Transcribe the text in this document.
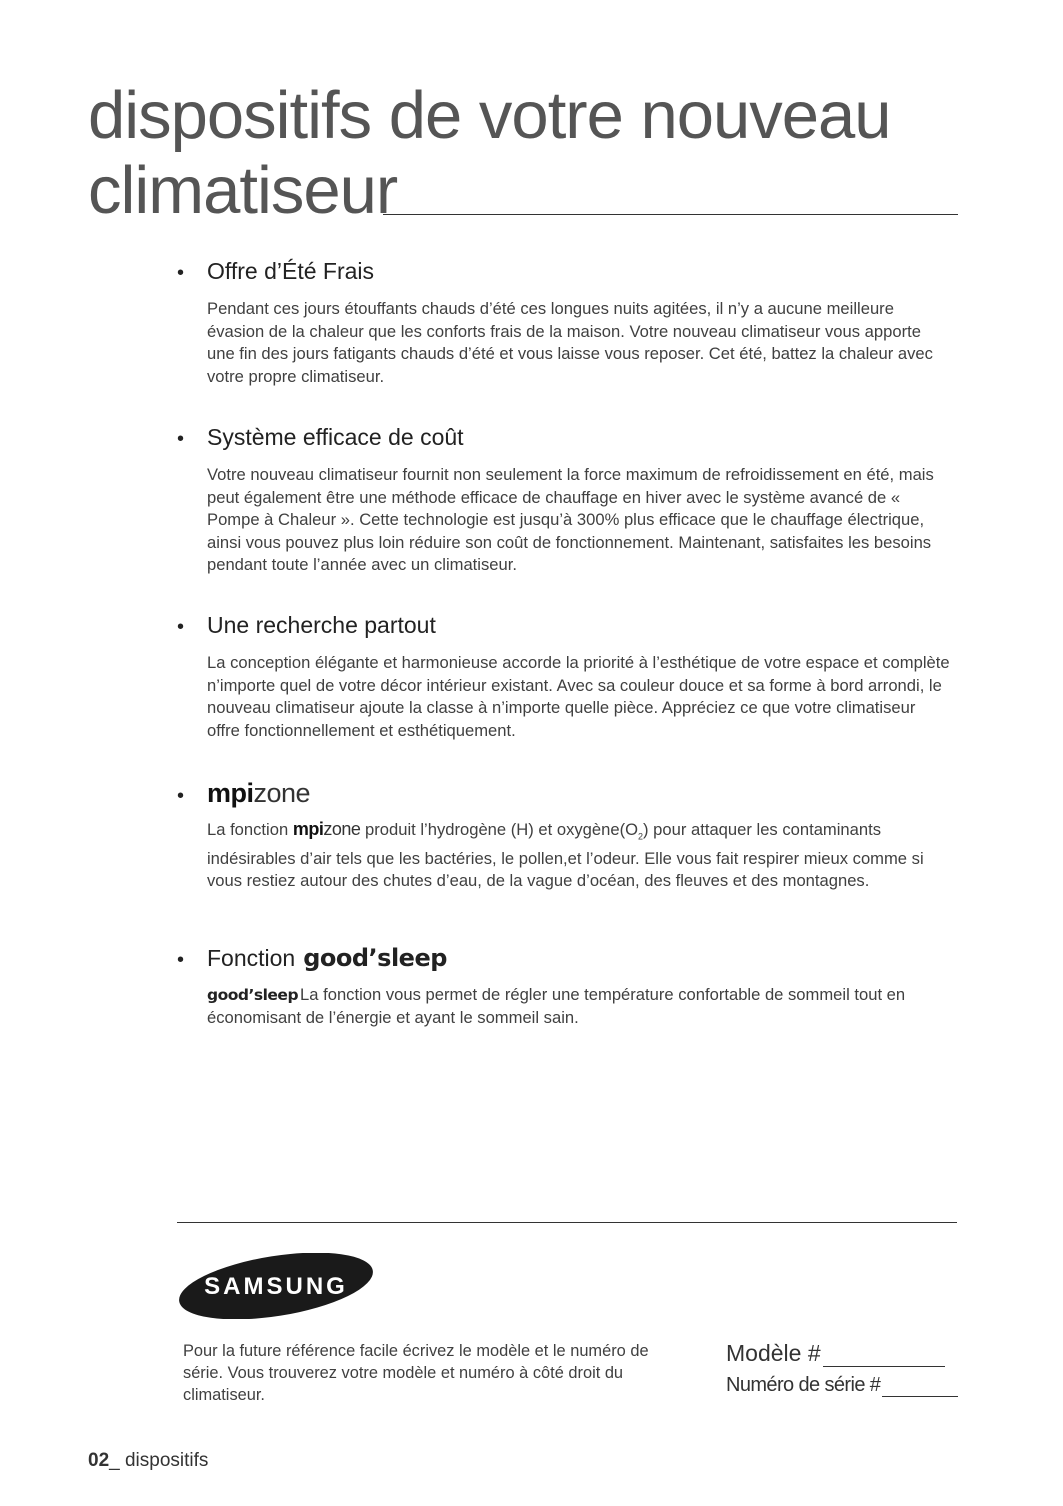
dispositifs de votre nouveau
climatiseur
• Offre d’Été Frais
Pendant ces jours étouffants chauds d’été ces longues nuits agitées, il n’y a aucune meilleure évasion de la chaleur que les conforts frais de la maison. Votre nouveau climatiseur vous apporte une fin des jours fatigants chauds d’été et vous laisse vous reposer. Cet été, battez la chaleur avec votre propre climatiseur.
• Système efficace de coût
Votre nouveau climatiseur fournit non seulement la force maximum de refroidissement en été, mais peut également être une méthode efficace de chauffage en hiver avec le système avancé de « Pompe à Chaleur ». Cette technologie est jusqu’à 300% plus efficace que le chauffage électrique, ainsi vous pouvez plus loin réduire son coût de fonctionnement. Maintenant, satisfaites les besoins pendant toute l’année avec un climatiseur.
• Une recherche partout
La conception élégante et harmonieuse accorde la priorité à l’esthétique de votre espace et complète n’importe quel de votre décor intérieur existant. Avec sa couleur douce et sa forme à bord arrondi, le nouveau climatiseur ajoute la classe à n’importe quelle pièce. Appréciez ce que votre climatiseur offre fonctionnellement et esthétiquement.
• mpi zone
La fonction mpi zone produit l’hydrogène (H) et $oxygène(O_2)$ pour attaquer les contaminants indésirables d’air tels que les bactéries, le pollen,et l’odeur. Elle vous fait respirer mieux comme si vous restiez autour des chutes d’eau, de la vague d’océan, des fleuves et des montagnes.
• Fonction good’sleep
good’sleep La fonction vous permet de régler une température confortable de sommeil tout en économisant de l’énergie et ayant le sommeil sain.
SAMSUNG
Pour la future référence facile écrivez le modèle et le numéro de série. Vous trouverez votre modèle et numéro à côté droit du climatiseur.
Modèle #
Numéro de série #
02_ dispositifs
